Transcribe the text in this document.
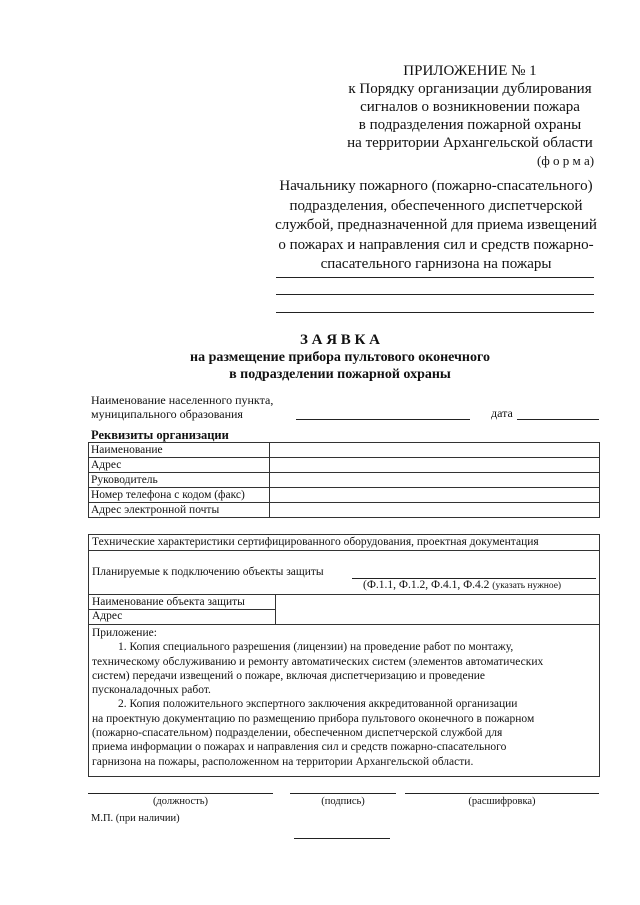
ПРИЛОЖЕНИЕ № 1
к Порядку организации дублирования
сигналов о возникновении пожара
в подразделения пожарной охраны
на территории Архангельской области
(ф о р м а)
Начальнику пожарного (пожарно-спасательного)
подразделения, обеспеченного диспетчерской
службой, предназначенной для приема извещений
о пожарах и направления сил и средств пожарно-
спасательного гарнизона на пожары
З А Я В К А
на размещение прибора пультового оконечного
в подразделении пожарной охраны
Наименование населенного пункта,
муниципального образования	дата
Реквизиты организации
Наименование	
Адрес	
Руководитель	
Номер телефона с кодом (факс)	
Адрес электронной почты	
Технические характеристики сертифицированного оборудования, проектная документация
Планируемые к подключению объекты защиты
(Ф.1.1, Ф.1.2, Ф.4.1, Ф.4.2 (указать нужное)
Наименование объекта защиты
Адрес
Приложение:
1. Копия специального разрешения (лицензии) на проведение работ по монтажу,
техническому обслуживанию и ремонту автоматических систем (элементов автоматических
систем) передачи извещений о пожаре, включая диспетчеризацию и проведение
пусконаладочных работ.
2. Копия положительного экспертного заключения аккредитованной организации
на проектную документацию по размещению прибора пультового оконечного в пожарном
(пожарно-спасательном) подразделении, обеспеченном диспетчерской службой для
приема информации о пожарах и направления сил и средств пожарно-спасательного
гарнизона на пожары, расположенном на территории Архангельской области.
(должность)	(подпись)	(расшифровка)
М.П. (при наличии)
